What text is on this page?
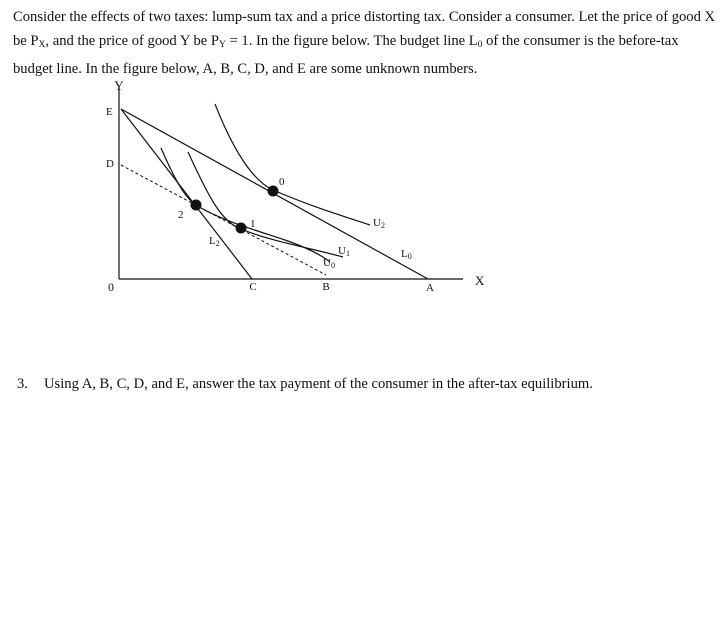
Consider the effects of two taxes: lump-sum tax and a price distorting tax. Consider a consumer. Let the price of good X be $P_X$, and the price of good Y be $P_Y = 1$. In the figure below. The budget line $L_0$ of the consumer is the before-tax budget line. In the figure below, A, B, C, D, and E are some unknown numbers.

Y
X
0
E
D
A
B
C
0
1
2
U2
U1
U0
L0
L2

3. Using A, B, C, D, and E, answer the tax payment of the consumer in the after-tax equilibrium.
